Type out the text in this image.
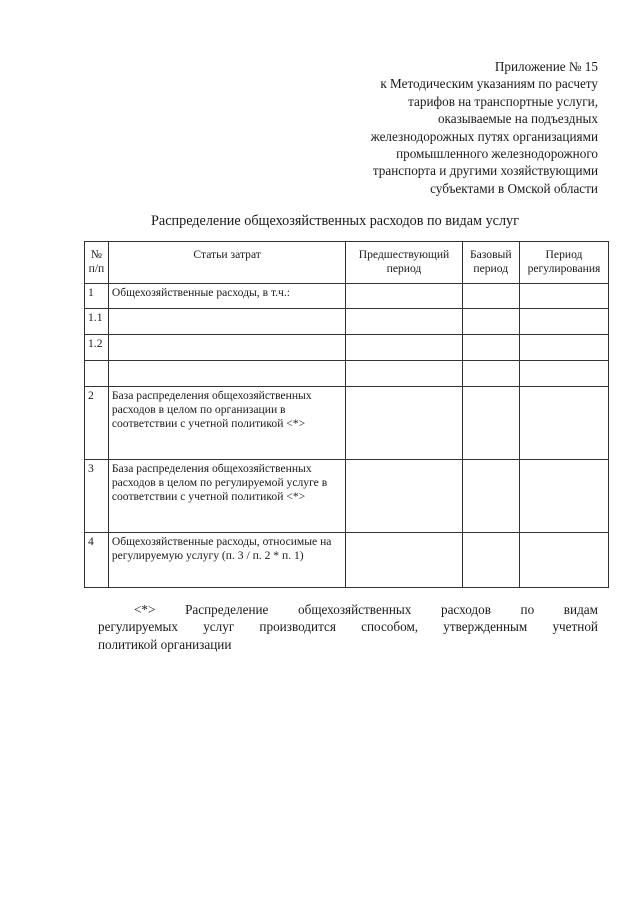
Приложение № 15
к Методическим указаниям по расчету
тарифов на транспортные услуги,
оказываемые на подъездных
железнодорожных путях организациями
промышленного железнодорожного
транспорта и другими хозяйствующими
субъектами в Омской области
Распределение общехозяйственных расходов по видам услуг
№ п/п	Статьи затрат	Предшествующий период	Базовый период	Период регулирования
1	Общехозяйственные расходы, в т.ч.:			
1.1				
1.2				

2	База распределения общехозяйственных расходов в целом по организации в соответствии с учетной политикой <*>			
3	База распределения общехозяйственных расходов в целом по регулируемой услуге в соответствии с учетной политикой <*>			
4	Общехозяйственные расходы, относимые на регулируемую услугу (п. 3 / п. 2 * п. 1)			
<*> Распределение общехозяйственных расходов по видам
регулируемых услуг производится способом, утвержденным учетной
политикой организации
